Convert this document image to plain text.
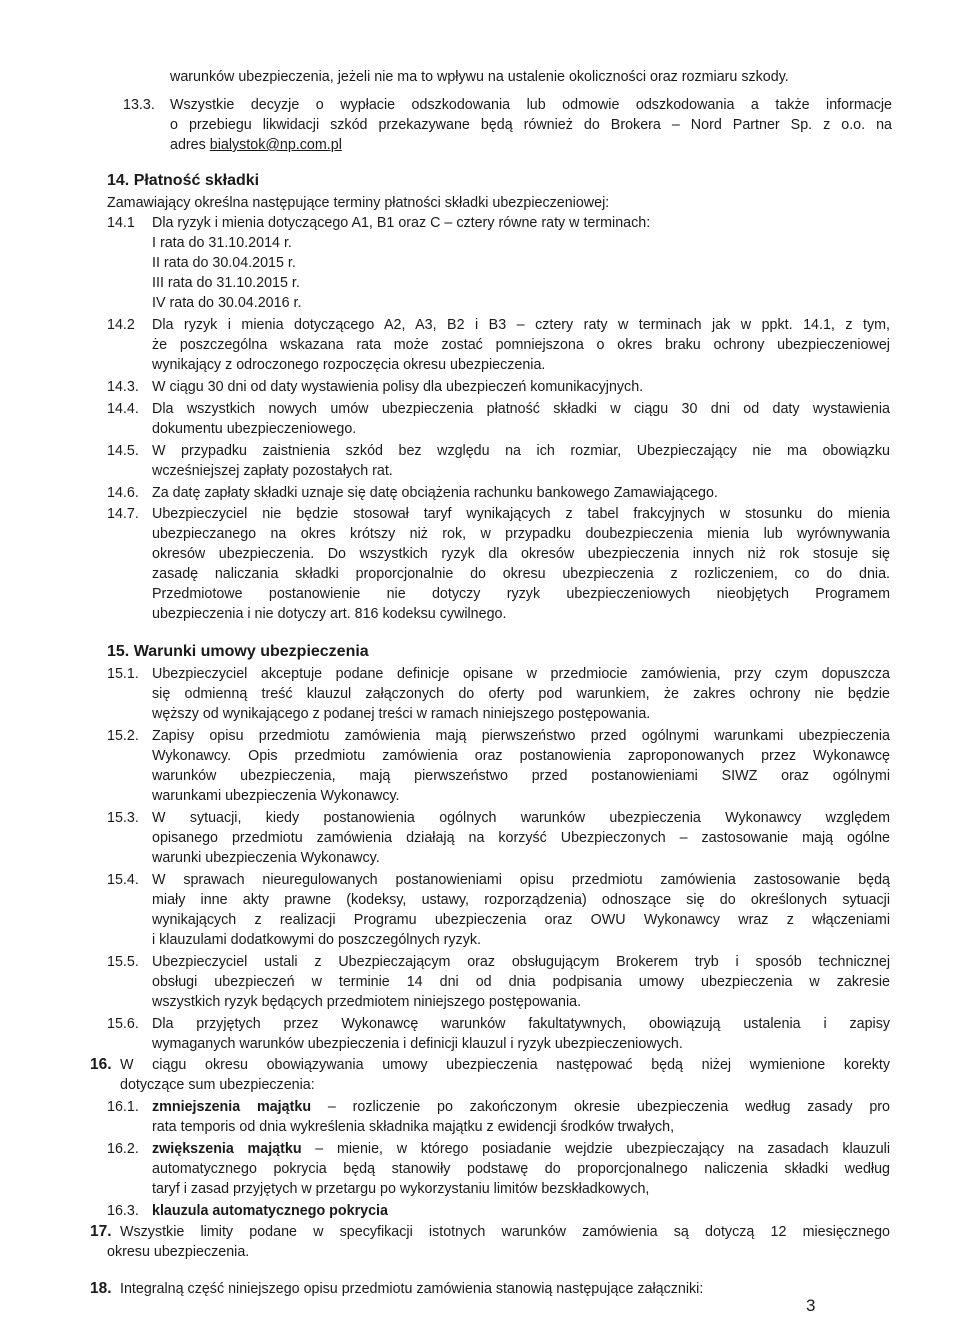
warunków ubezpieczenia, jeżeli nie ma to wpływu na ustalenie okoliczności oraz rozmiaru szkody.
13.3. Wszystkie decyzje o wypłacie odszkodowania lub odmowie odszkodowania a także informacje
o przebiegu likwidacji szkód przekazywane będą również do Brokera – Nord Partner Sp. z o.o. na
adres bialystok@np.com.pl
14. Płatność składki
Zamawiający określna następujące terminy płatności składki ubezpieczeniowej:
14.1 Dla ryzyk i mienia dotyczącego A1, B1 oraz C – cztery równe raty w terminach:
I rata do 31.10.2014 r.
II rata do 30.04.2015 r.
III rata do 31.10.2015 r.
IV rata do 30.04.2016 r.
14.2 Dla ryzyk i mienia dotyczącego A2, A3, B2 i B3 – cztery raty w terminach jak w ppkt. 14.1, z tym,
że poszczególna wskazana rata może zostać pomniejszona o okres braku ochrony ubezpieczeniowej
wynikający z odroczonego rozpoczęcia okresu ubezpieczenia.
14.3. W ciągu 30 dni od daty wystawienia polisy dla ubezpieczeń komunikacyjnych.
14.4. Dla wszystkich nowych umów ubezpieczenia płatność składki w ciągu 30 dni od daty wystawienia
dokumentu ubezpieczeniowego.
14.5. W przypadku zaistnienia szkód bez względu na ich rozmiar, Ubezpieczający nie ma obowiązku
wcześniejszej zapłaty pozostałych rat.
14.6. Za datę zapłaty składki uznaje się datę obciążenia rachunku bankowego Zamawiającego.
14.7. Ubezpieczyciel nie będzie stosował taryf wynikających z tabel frakcyjnych w stosunku do mienia
ubezpieczanego na okres krótszy niż rok, w przypadku doubezpieczenia mienia lub wyrównywania
okresów ubezpieczenia. Do wszystkich ryzyk dla okresów ubezpieczenia innych niż rok stosuje się
zasadę naliczania składki proporcjonalnie do okresu ubezpieczenia z rozliczeniem, co do dnia.
Przedmiotowe postanowienie nie dotyczy ryzyk ubezpieczeniowych nieobjętych Programem
ubezpieczenia i nie dotyczy art. 816 kodeksu cywilnego.
15. Warunki umowy ubezpieczenia
15.1. Ubezpieczyciel akceptuje podane definicje opisane w przedmiocie zamówienia, przy czym dopuszcza
się odmienną treść klauzul załączonych do oferty pod warunkiem, że zakres ochrony nie będzie
węższy od wynikającego z podanej treści w ramach niniejszego postępowania.
15.2. Zapisy opisu przedmiotu zamówienia mają pierwszeństwo przed ogólnymi warunkami ubezpieczenia
Wykonawcy. Opis przedmiotu zamówienia oraz postanowienia zaproponowanych przez Wykonawcę
warunków ubezpieczenia, mają pierwszeństwo przed postanowieniami SIWZ oraz ogólnymi
warunkami ubezpieczenia Wykonawcy.
15.3. W sytuacji, kiedy postanowienia ogólnych warunków ubezpieczenia Wykonawcy względem
opisanego przedmiotu zamówienia działają na korzyść Ubezpieczonych – zastosowanie mają ogólne
warunki ubezpieczenia Wykonawcy.
15.4. W sprawach nieuregulowanych postanowieniami opisu przedmiotu zamówienia zastosowanie będą
miały inne akty prawne (kodeksy, ustawy, rozporządzenia) odnoszące się do określonych sytuacji
wynikających z realizacji Programu ubezpieczenia oraz OWU Wykonawcy wraz z włączeniami
i klauzulami dodatkowymi do poszczególnych ryzyk.
15.5. Ubezpieczyciel ustali z Ubezpieczającym oraz obsługującym Brokerem tryb i sposób technicznej
obsługi ubezpieczeń w terminie 14 dni od dnia podpisania umowy ubezpieczenia w zakresie
wszystkich ryzyk będących przedmiotem niniejszego postępowania.
15.6. Dla przyjętych przez Wykonawcę warunków fakultatywnych, obowiązują ustalenia i zapisy
wymaganych warunków ubezpieczenia i definicji klauzul i ryzyk ubezpieczeniowych.
16. W ciągu okresu obowiązywania umowy ubezpieczenia następować będą niżej wymienione korekty
dotyczące sum ubezpieczenia:
16.1. zmniejszenia majątku – rozliczenie po zakończonym okresie ubezpieczenia według zasady pro
rata temporis od dnia wykreślenia składnika majątku z ewidencji środków trwałych,
16.2. zwiększenia majątku – mienie, w którego posiadanie wejdzie ubezpieczający na zasadach klauzuli
automatycznego pokrycia będą stanowiły podstawę do proporcjonalnego naliczenia składki według
taryf i zasad przyjętych w przetargu po wykorzystaniu limitów bezskładkowych,
16.3. klauzula automatycznego pokrycia
17. Wszystkie limity podane w specyfikacji istotnych warunków zamówienia są dotyczą 12 miesięcznego
okresu ubezpieczenia.
18. Integralną część niniejszego opisu przedmiotu zamówienia stanowią następujące załączniki:
3
